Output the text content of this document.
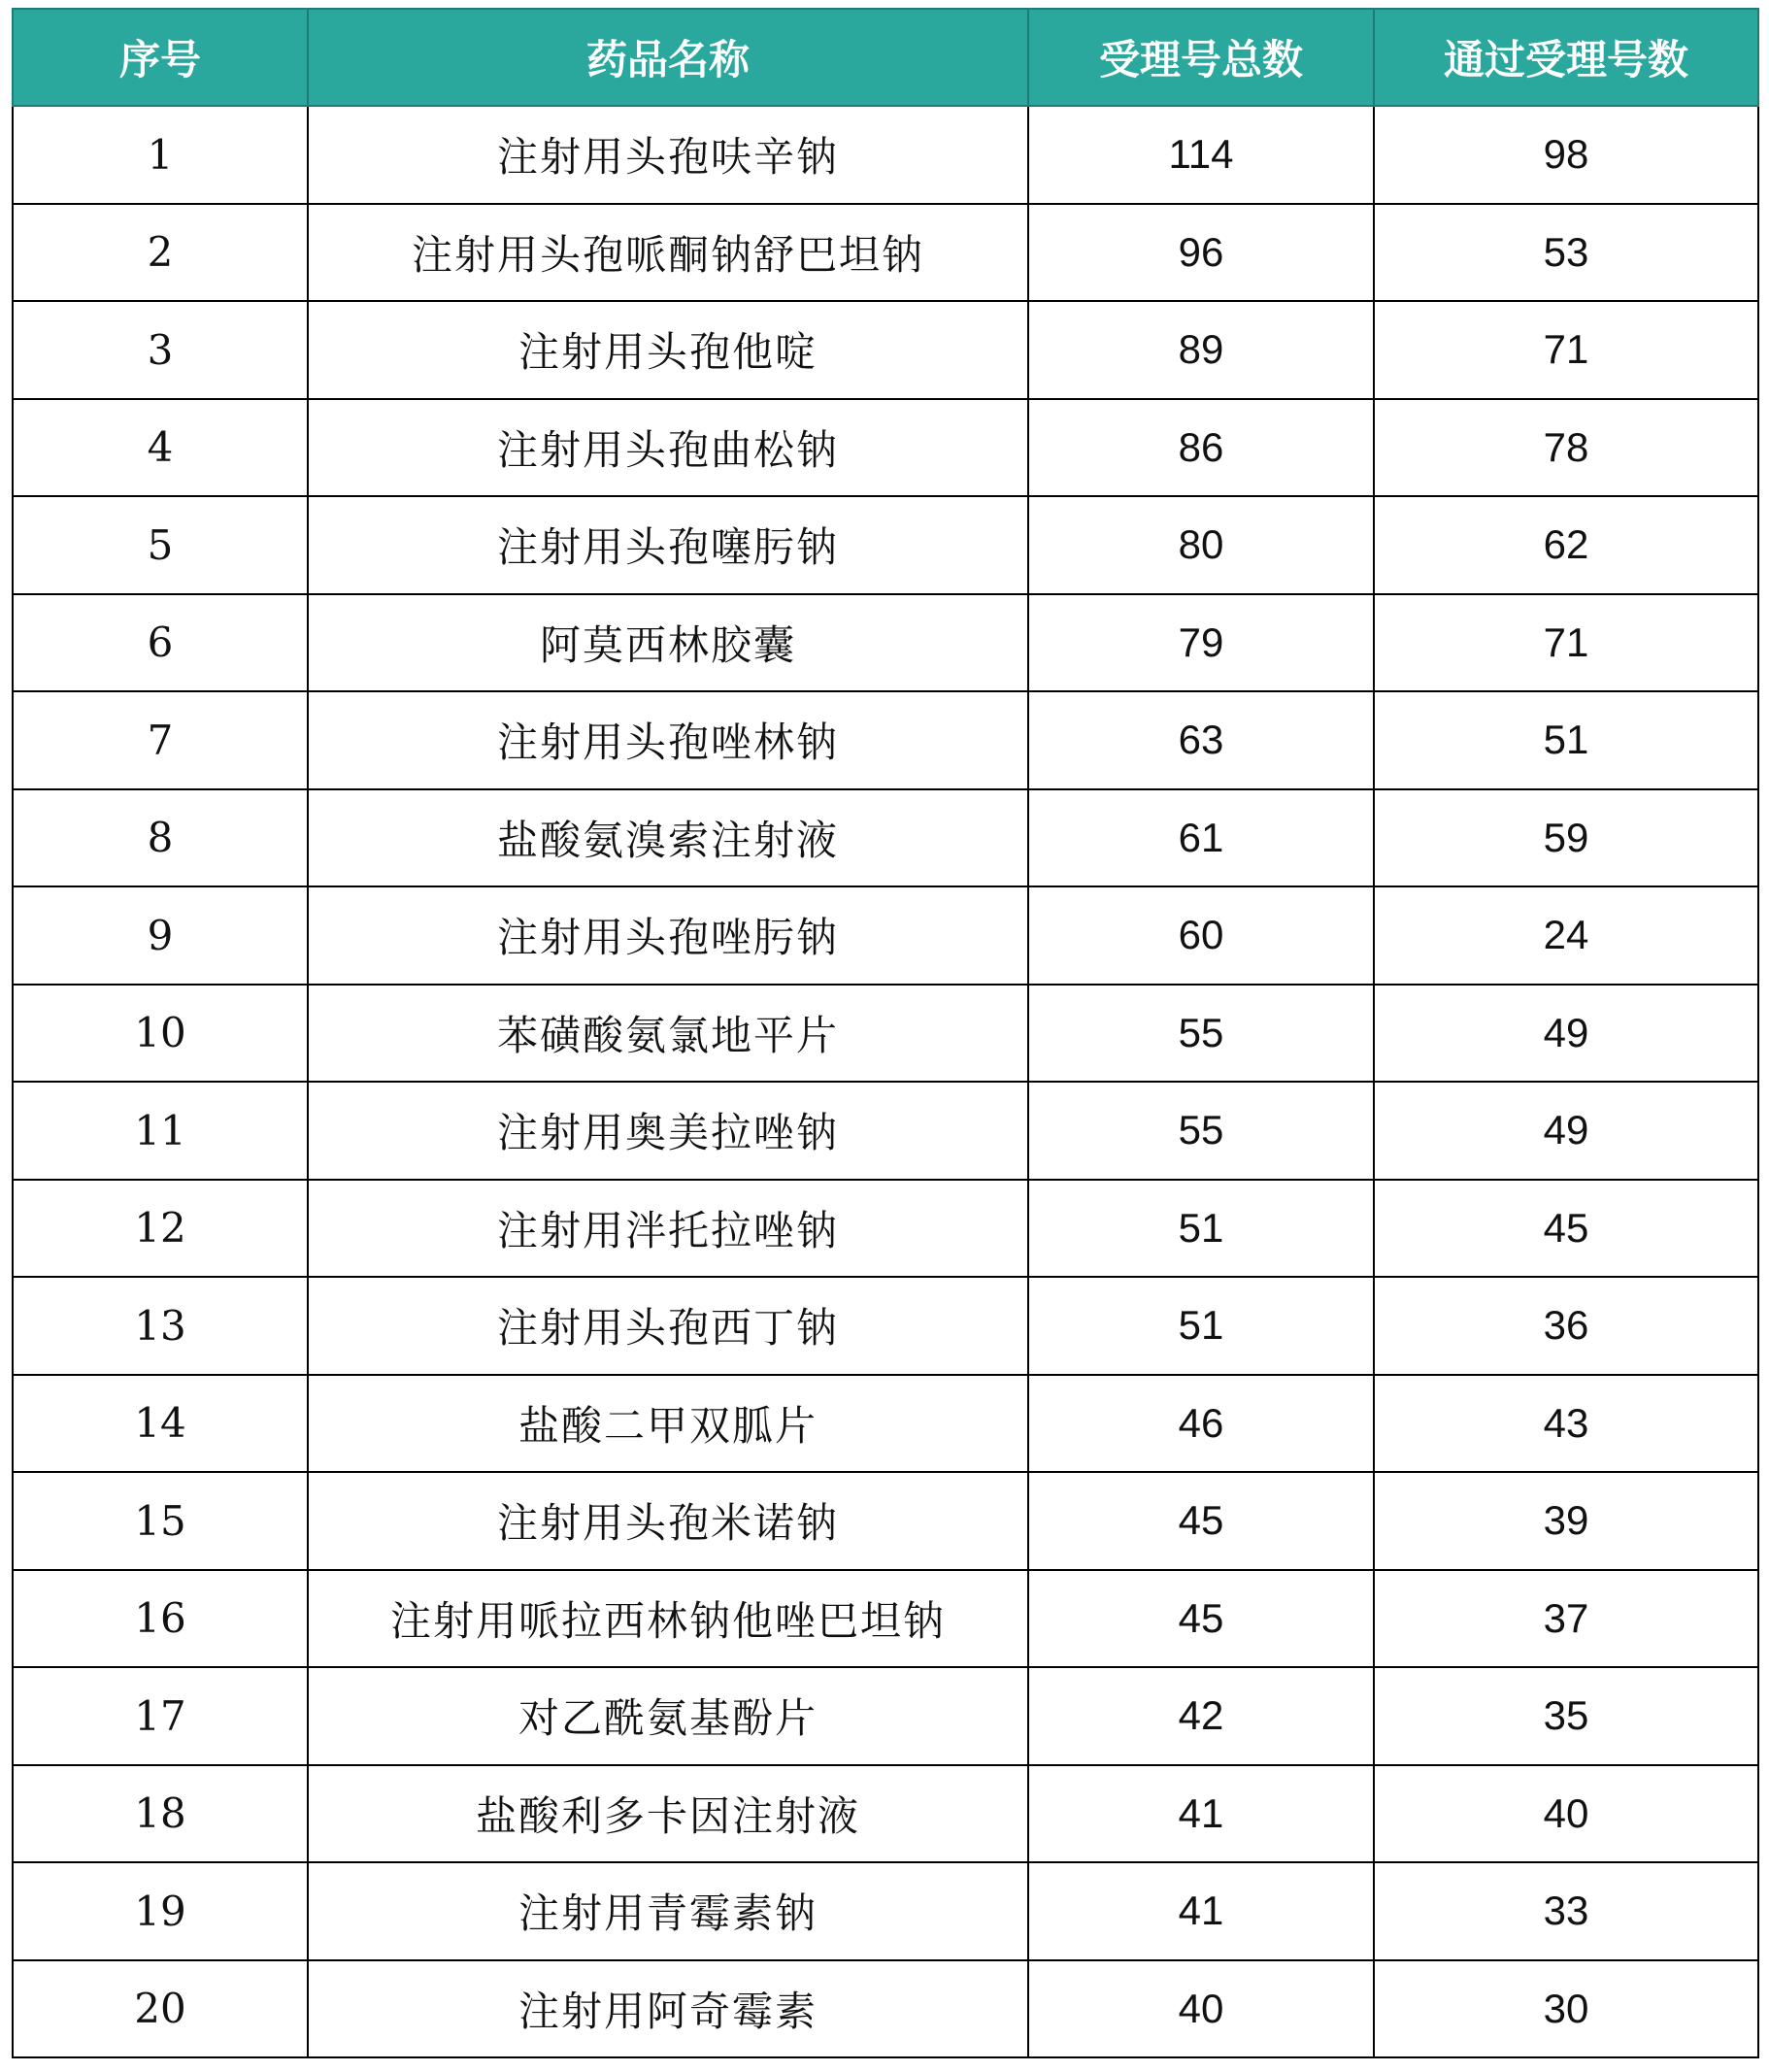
序号	药品名称	受理号总数	通过受理号数
1	注射用头孢呋辛钠	114	98
2	注射用头孢哌酮钠舒巴坦钠	96	53
3	注射用头孢他啶	89	71
4	注射用头孢曲松钠	86	78
5	注射用头孢噻肟钠	80	62
6	阿莫西林胶囊	79	71
7	注射用头孢唑林钠	63	51
8	盐酸氨溴索注射液	61	59
9	注射用头孢唑肟钠	60	24
10	苯磺酸氨氯地平片	55	49
11	注射用奥美拉唑钠	55	49
12	注射用泮托拉唑钠	51	45
13	注射用头孢西丁钠	51	36
14	盐酸二甲双胍片	46	43
15	注射用头孢米诺钠	45	39
16	注射用哌拉西林钠他唑巴坦钠	45	37
17	对乙酰氨基酚片	42	35
18	盐酸利多卡因注射液	41	40
19	注射用青霉素钠	41	33
20	注射用阿奇霉素	40	30
